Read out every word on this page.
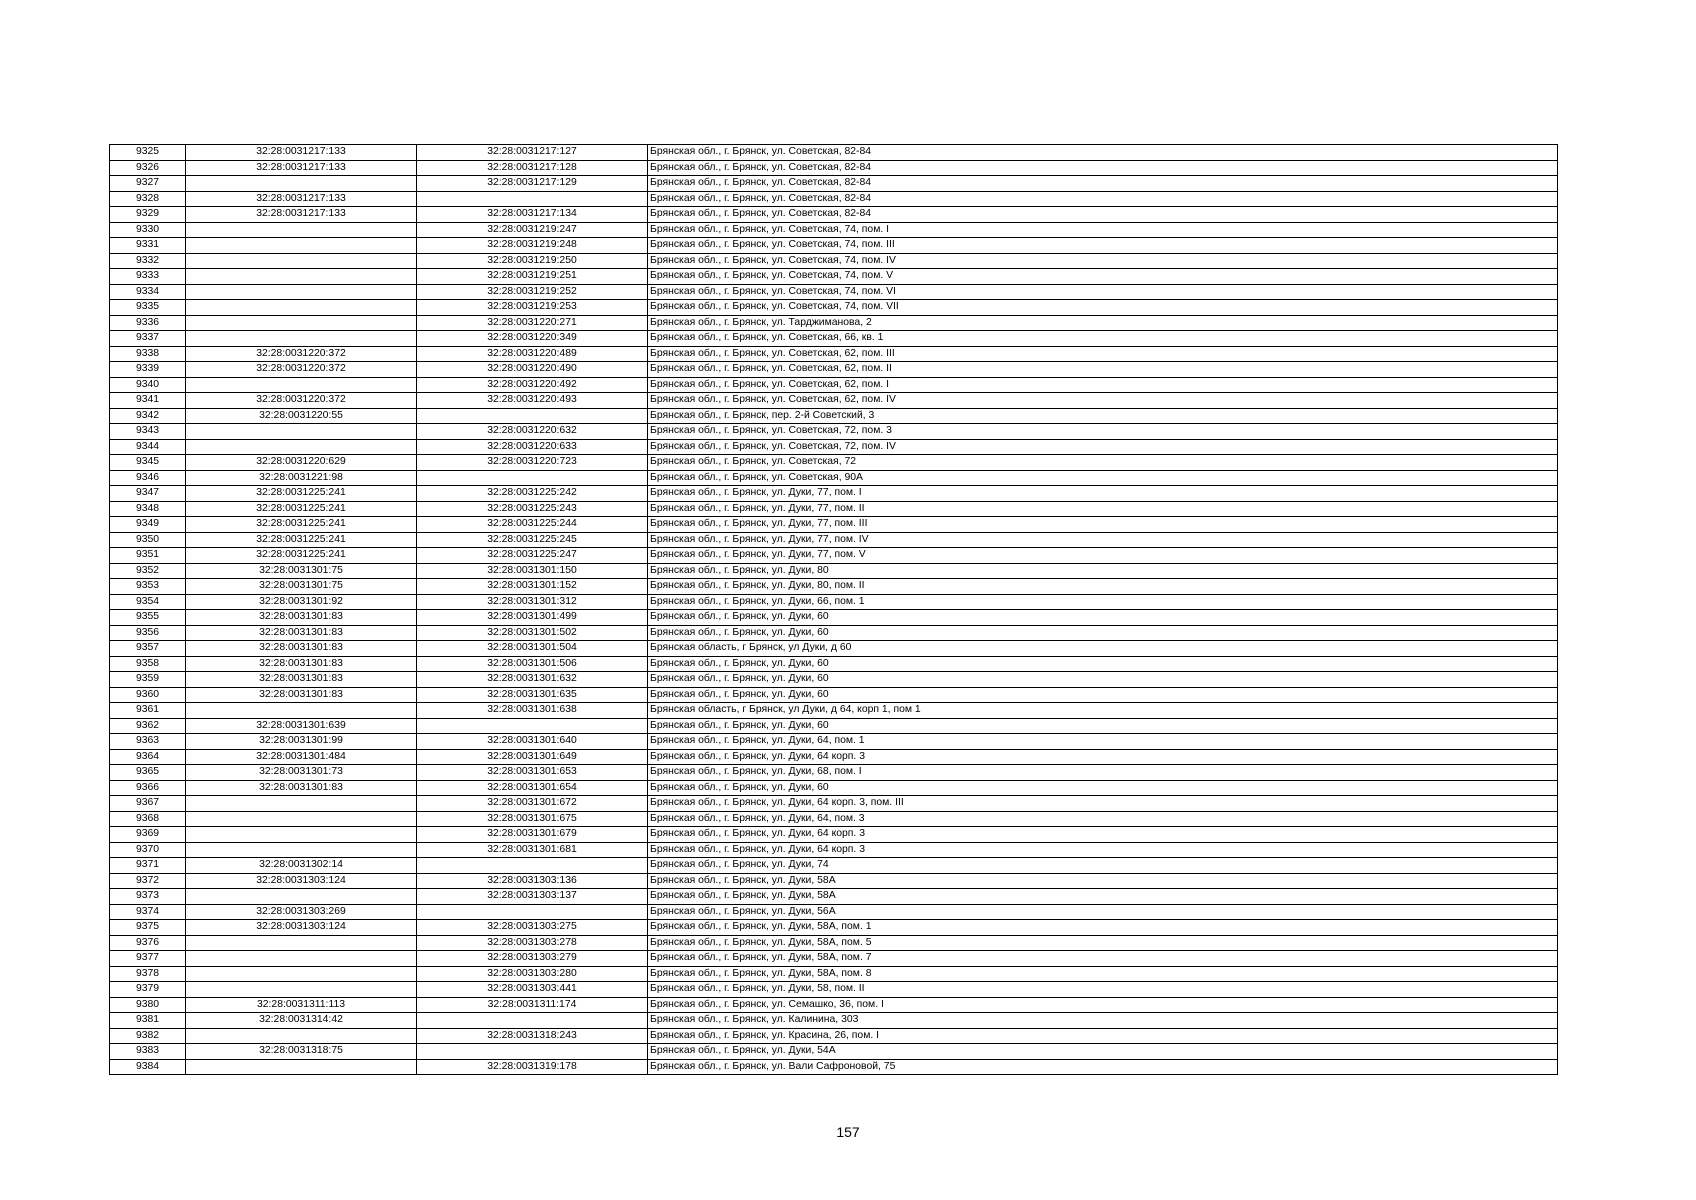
9325	32:28:0031217:133	32:28:0031217:127	Брянская обл., г. Брянск, ул. Советская, 82-84
9326	32:28:0031217:133	32:28:0031217:128	Брянская обл., г. Брянск, ул. Советская, 82-84
9327		32:28:0031217:129	Брянская обл., г. Брянск, ул. Советская, 82-84
9328	32:28:0031217:133		Брянская обл., г. Брянск, ул. Советская, 82-84
9329	32:28:0031217:133	32:28:0031217:134	Брянская обл., г. Брянск, ул. Советская, 82-84
9330		32:28:0031219:247	Брянская обл., г. Брянск, ул. Советская, 74, пом. I
9331		32:28:0031219:248	Брянская обл., г. Брянск, ул. Советская, 74, пом. III
9332		32:28:0031219:250	Брянская обл., г. Брянск, ул. Советская, 74, пом. IV
9333		32:28:0031219:251	Брянская обл., г. Брянск, ул. Советская, 74, пом. V
9334		32:28:0031219:252	Брянская обл., г. Брянск, ул. Советская, 74, пом. VI
9335		32:28:0031219:253	Брянская обл., г. Брянск, ул. Советская, 74, пом. VII
9336		32:28:0031220:271	Брянская обл., г. Брянск, ул. Тарджиманова, 2
9337		32:28:0031220:349	Брянская обл., г. Брянск, ул. Советская, 66, кв. 1
9338	32:28:0031220:372	32:28:0031220:489	Брянская обл., г. Брянск, ул. Советская, 62, пом. III
9339	32:28:0031220:372	32:28:0031220:490	Брянская обл., г. Брянск, ул. Советская, 62, пом. II
9340		32:28:0031220:492	Брянская обл., г. Брянск, ул. Советская, 62, пом. I
9341	32:28:0031220:372	32:28:0031220:493	Брянская обл., г. Брянск, ул. Советская, 62, пом. IV
9342	32:28:0031220:55		Брянская обл., г. Брянск, пер. 2-й Советский, 3
9343		32:28:0031220:632	Брянская обл., г. Брянск, ул. Советская, 72, пом. 3
9344		32:28:0031220:633	Брянская обл., г. Брянск, ул. Советская, 72, пом. IV
9345	32:28:0031220:629	32:28:0031220:723	Брянская обл., г. Брянск, ул. Советская, 72
9346	32:28:0031221:98		Брянская обл., г. Брянск, ул. Советская, 90А
9347	32:28:0031225:241	32:28:0031225:242	Брянская обл., г. Брянск, ул. Дуки, 77, пом. I
9348	32:28:0031225:241	32:28:0031225:243	Брянская обл., г. Брянск, ул. Дуки, 77, пом. II
9349	32:28:0031225:241	32:28:0031225:244	Брянская обл., г. Брянск, ул. Дуки, 77, пом. III
9350	32:28:0031225:241	32:28:0031225:245	Брянская обл., г. Брянск, ул. Дуки, 77, пом. IV
9351	32:28:0031225:241	32:28:0031225:247	Брянская обл., г. Брянск, ул. Дуки, 77, пом. V
9352	32:28:0031301:75	32:28:0031301:150	Брянская обл., г. Брянск, ул. Дуки, 80
9353	32:28:0031301:75	32:28:0031301:152	Брянская обл., г. Брянск, ул. Дуки, 80, пом. II
9354	32:28:0031301:92	32:28:0031301:312	Брянская обл., г. Брянск, ул. Дуки, 66, пом. 1
9355	32:28:0031301:83	32:28:0031301:499	Брянская обл., г. Брянск, ул. Дуки, 60
9356	32:28:0031301:83	32:28:0031301:502	Брянская обл., г. Брянск, ул. Дуки, 60
9357	32:28:0031301:83	32:28:0031301:504	Брянская область, г Брянск, ул Дуки, д 60
9358	32:28:0031301:83	32:28:0031301:506	Брянская обл., г. Брянск, ул. Дуки, 60
9359	32:28:0031301:83	32:28:0031301:632	Брянская обл., г. Брянск, ул. Дуки, 60
9360	32:28:0031301:83	32:28:0031301:635	Брянская обл., г. Брянск, ул. Дуки, 60
9361		32:28:0031301:638	Брянская область, г Брянск, ул Дуки, д 64, корп 1, пом 1
9362	32:28:0031301:639		Брянская обл., г. Брянск, ул. Дуки, 60
9363	32:28:0031301:99	32:28:0031301:640	Брянская обл., г. Брянск, ул. Дуки, 64, пом. 1
9364	32:28:0031301:484	32:28:0031301:649	Брянская обл., г. Брянск, ул. Дуки, 64 корп. 3
9365	32:28:0031301:73	32:28:0031301:653	Брянская обл., г. Брянск, ул. Дуки, 68, пом. I
9366	32:28:0031301:83	32:28:0031301:654	Брянская обл., г. Брянск, ул. Дуки, 60
9367		32:28:0031301:672	Брянская обл., г. Брянск, ул. Дуки, 64 корп. 3, пом. III
9368		32:28:0031301:675	Брянская обл., г. Брянск, ул. Дуки, 64, пом. 3
9369		32:28:0031301:679	Брянская обл., г. Брянск, ул. Дуки, 64 корп. 3
9370		32:28:0031301:681	Брянская обл., г. Брянск, ул. Дуки, 64 корп. 3
9371	32:28:0031302:14		Брянская обл., г. Брянск, ул. Дуки, 74
9372	32:28:0031303:124	32:28:0031303:136	Брянская обл., г. Брянск, ул. Дуки, 58А
9373		32:28:0031303:137	Брянская обл., г. Брянск, ул. Дуки, 58А
9374	32:28:0031303:269		Брянская обл., г. Брянск, ул. Дуки, 56А
9375	32:28:0031303:124	32:28:0031303:275	Брянская обл., г. Брянск, ул. Дуки, 58А, пом. 1
9376		32:28:0031303:278	Брянская обл., г. Брянск, ул. Дуки, 58А, пом. 5
9377		32:28:0031303:279	Брянская обл., г. Брянск, ул. Дуки, 58А, пом. 7
9378		32:28:0031303:280	Брянская обл., г. Брянск, ул. Дуки, 58А, пом. 8
9379		32:28:0031303:441	Брянская обл., г. Брянск, ул. Дуки, 58, пом. II
9380	32:28:0031311:113	32:28:0031311:174	Брянская обл., г. Брянск, ул. Семашко, 36, пом. I
9381	32:28:0031314:42		Брянская обл., г. Брянск, ул. Калинина, 303
9382		32:28:0031318:243	Брянская обл., г. Брянск, ул. Красина, 26, пом. I
9383	32:28:0031318:75		Брянская обл., г. Брянск, ул. Дуки, 54А
9384		32:28:0031319:178	Брянская обл., г. Брянск, ул. Вали Сафроновой, 75
157
